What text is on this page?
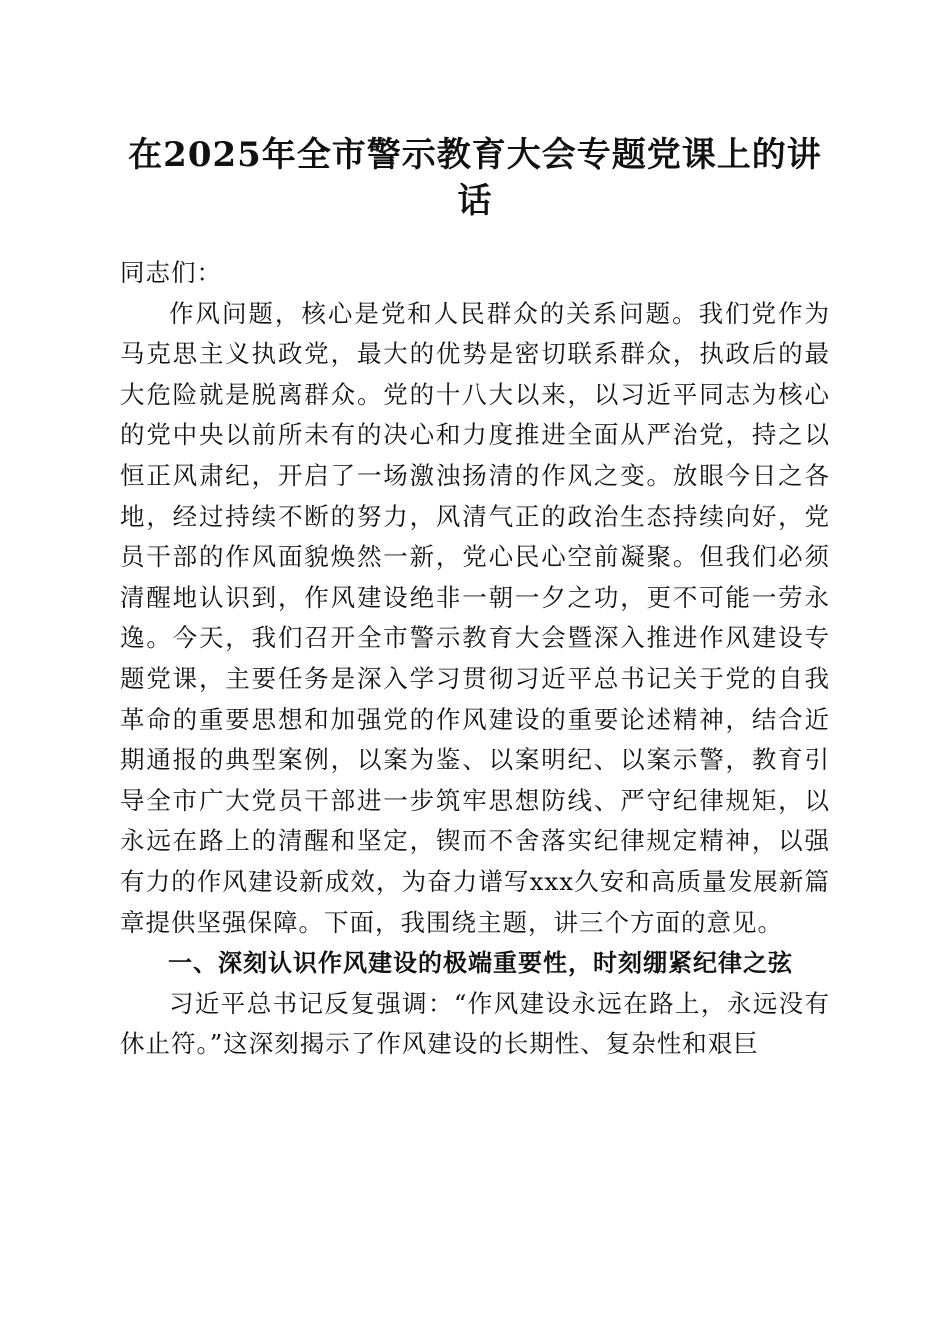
在2025年全市警示教育大会专题党课上的讲话

同志们：

作风问题，核心是党和人民群众的关系问题。我们党作为马克思主义执政党，最大的优势是密切联系群众，执政后的最大危险就是脱离群众。党的十八大以来，以习近平同志为核心的党中央以前所未有的决心和力度推进全面从严治党，持之以恒正风肃纪，开启了一场激浊扬清的作风之变。放眼今日之各地，经过持续不断的努力，风清气正的政治生态持续向好，党员干部的作风面貌焕然一新，党心民心空前凝聚。但我们必须清醒地认识到，作风建设绝非一朝一夕之功，更不可能一劳永逸。今天，我们召开全市警示教育大会暨深入推进作风建设专题党课，主要任务是深入学习贯彻习近平总书记关于党的自我革命的重要思想和加强党的作风建设的重要论述精神，结合近期通报的典型案例，以案为鉴、以案明纪、以案示警，教育引导全市广大党员干部进一步筑牢思想防线、严守纪律规矩，以永远在路上的清醒和坚定，锲而不舍落实纪律规定精神，以强有力的作风建设新成效，为奋力谱写xxx久安和高质量发展新篇章提供坚强保障。下面，我围绕主题，讲三个方面的意见。

一、深刻认识作风建设的极端重要性，时刻绷紧纪律之弦

习近平总书记反复强调：“作风建设永远在路上，永远没有休止符。”这深刻揭示了作风建设的长期性、复杂性和艰巨
